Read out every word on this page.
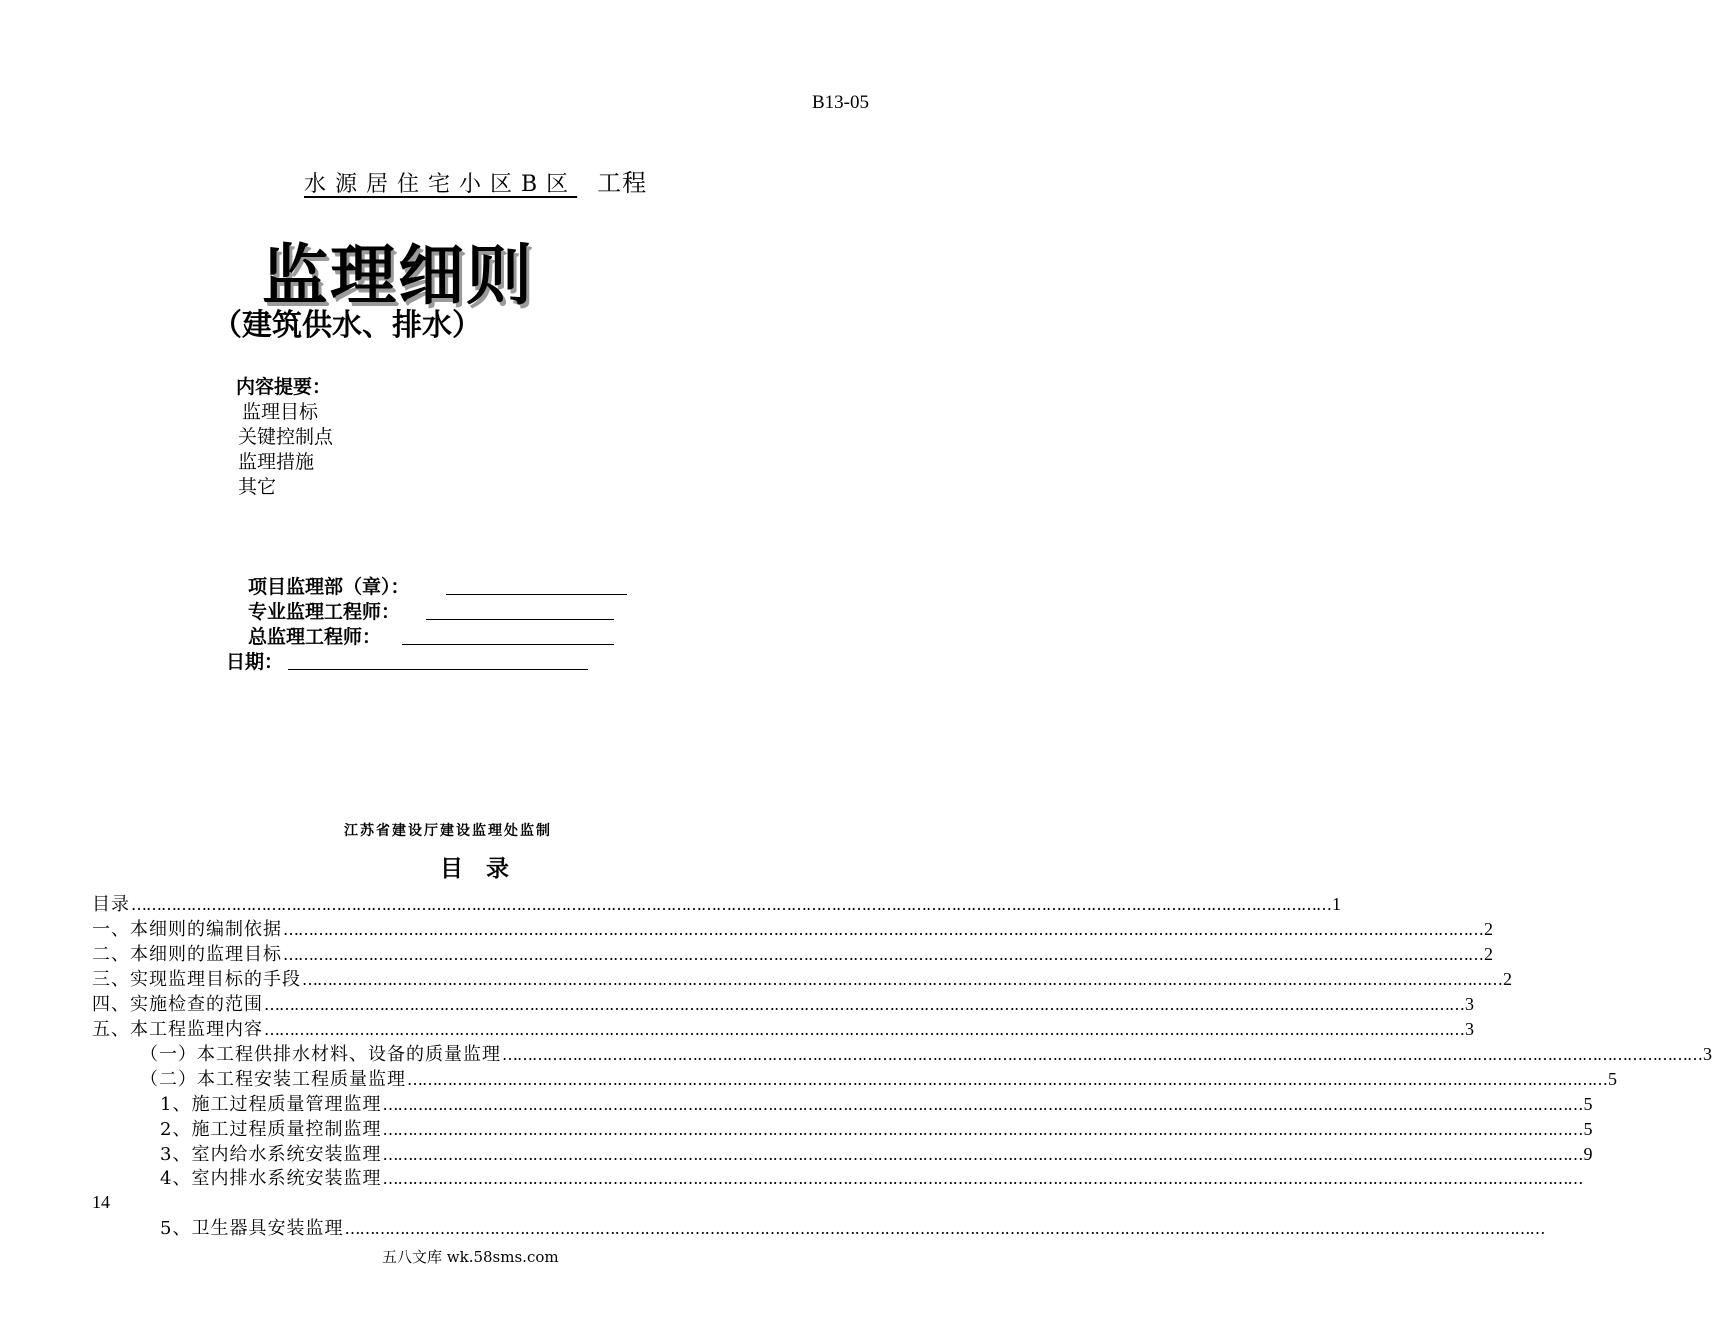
B13-05
水源居住宅小区B区 工程
监理细则
（建筑供水、排水）
内容提要：
监理目标
关键控制点
监理措施
其它
项目监理部（章）：
专业监理工程师：
总监理工程师：
日期：
江苏省建设厅建设监理处监制
目　录
目录 …………………………………………………………………………………………………………………………………………………………………………………………………………………… 1
一、本细则的编制依据 …………………………………………………………………………………………………………………………………………………………………………………………………………………… 2
二、本细则的监理目标 …………………………………………………………………………………………………………………………………………………………………………………………………………………… 2
三、实现监理目标的手段 …………………………………………………………………………………………………………………………………………………………………………………………………………………… 2
四、实施检查的范围 …………………………………………………………………………………………………………………………………………………………………………………………………………………… 3
五、本工程监理内容 …………………………………………………………………………………………………………………………………………………………………………………………………………………… 3
（一）本工程供排水材料、设备的质量监理 …………………………………………………………………………………………………………………………………………………………………………………………………………………… 3
（二）本工程安装工程质量监理 …………………………………………………………………………………………………………………………………………………………………………………………………………………… 5
1、施工过程质量管理监理 …………………………………………………………………………………………………………………………………………………………………………………………………………………… 5
2、施工过程质量控制监理 …………………………………………………………………………………………………………………………………………………………………………………………………………………… 5
3、室内给水系统安装监理 …………………………………………………………………………………………………………………………………………………………………………………………………………………… 9
4、室内排水系统安装监理 ……………………………………………………………………………………………………………………………………………………………………………………………………………………
14
5、卫生器具安装监理 ……………………………………………………………………………………………………………………………………………………………………………………………………………………
五八文库 wk.58sms.com
